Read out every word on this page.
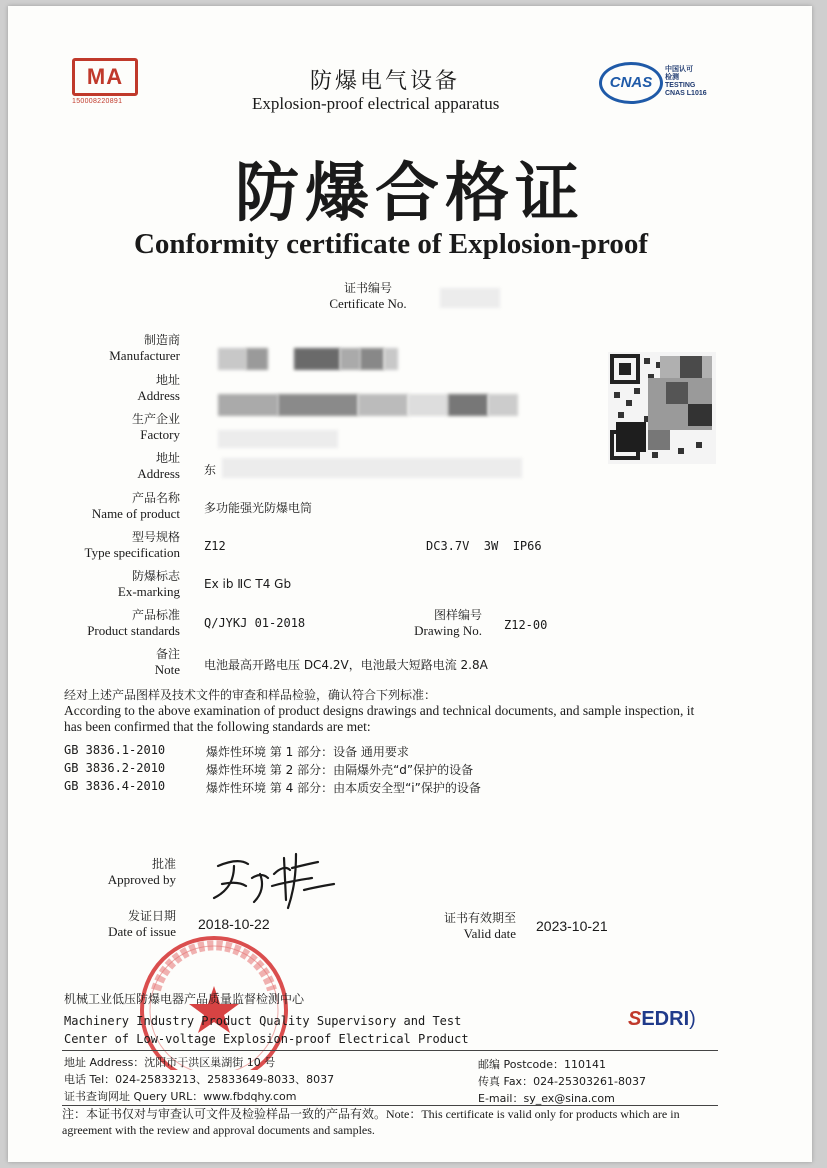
MA
150008220891
防爆电气设备
Explosion-proof electrical apparatus
CNAS
中国认可
检测
TESTING
CNAS L1016
防爆合格证
Conformity certificate of Explosion-proof
证书编号
Certificate No.
制造商
Manufacturer
地址
Address
生产企业
Factory
地址
Address 东
产品名称
Name of product 多功能强光防爆电筒
型号规格
Type specification Z12	DC3.7V  3W  IP66
防爆标志
Ex-marking Ex ib ⅡC T4 Gb
产品标准
Product standards Q/JYKJ 01-2018
图样编号
Drawing No. Z12-00
备注
Note 电池最高开路电压 DC4.2V，电池最大短路电流 2.8A
经对上述产品图样及技术文件的审查和样品检验，确认符合下列标准：
According to the above examination of product designs drawings and technical documents, and sample inspection, it has been confirmed that the following standards are met:
GB 3836.1-2010	爆炸性环境 第 1 部分：设备 通用要求
GB 3836.2-2010	爆炸性环境 第 2 部分：由隔爆外壳“d”保护的设备
GB 3836.4-2010	爆炸性环境 第 4 部分：由本质安全型“i”保护的设备
批准
Approved by
发证日期
Date of issue 2018-10-22	证书有效期至
Valid date 2023-10-21
机械工业低压防爆电器产品质量监督检测中心
Machinery Industry Product Quality Supervisory and Test
Center of Low-voltage Explosion-proof Electrical Product
SEDRI)
地址 Address：沈阳市于洪区巢湖街 10 号
电话 Tel：024-25833213、25833649-8033、8037
证书查询网址 Query URL：www.fbdqhy.com
邮编 Postcode：110141
传真 Fax：024-25303261-8037
E-mail：sy_ex@sina.com
注：本证书仅对与审查认可文件及检验样品一致的产品有效。Note：This certificate is valid only for products which are in agreement with the review and approval documents and samples.
